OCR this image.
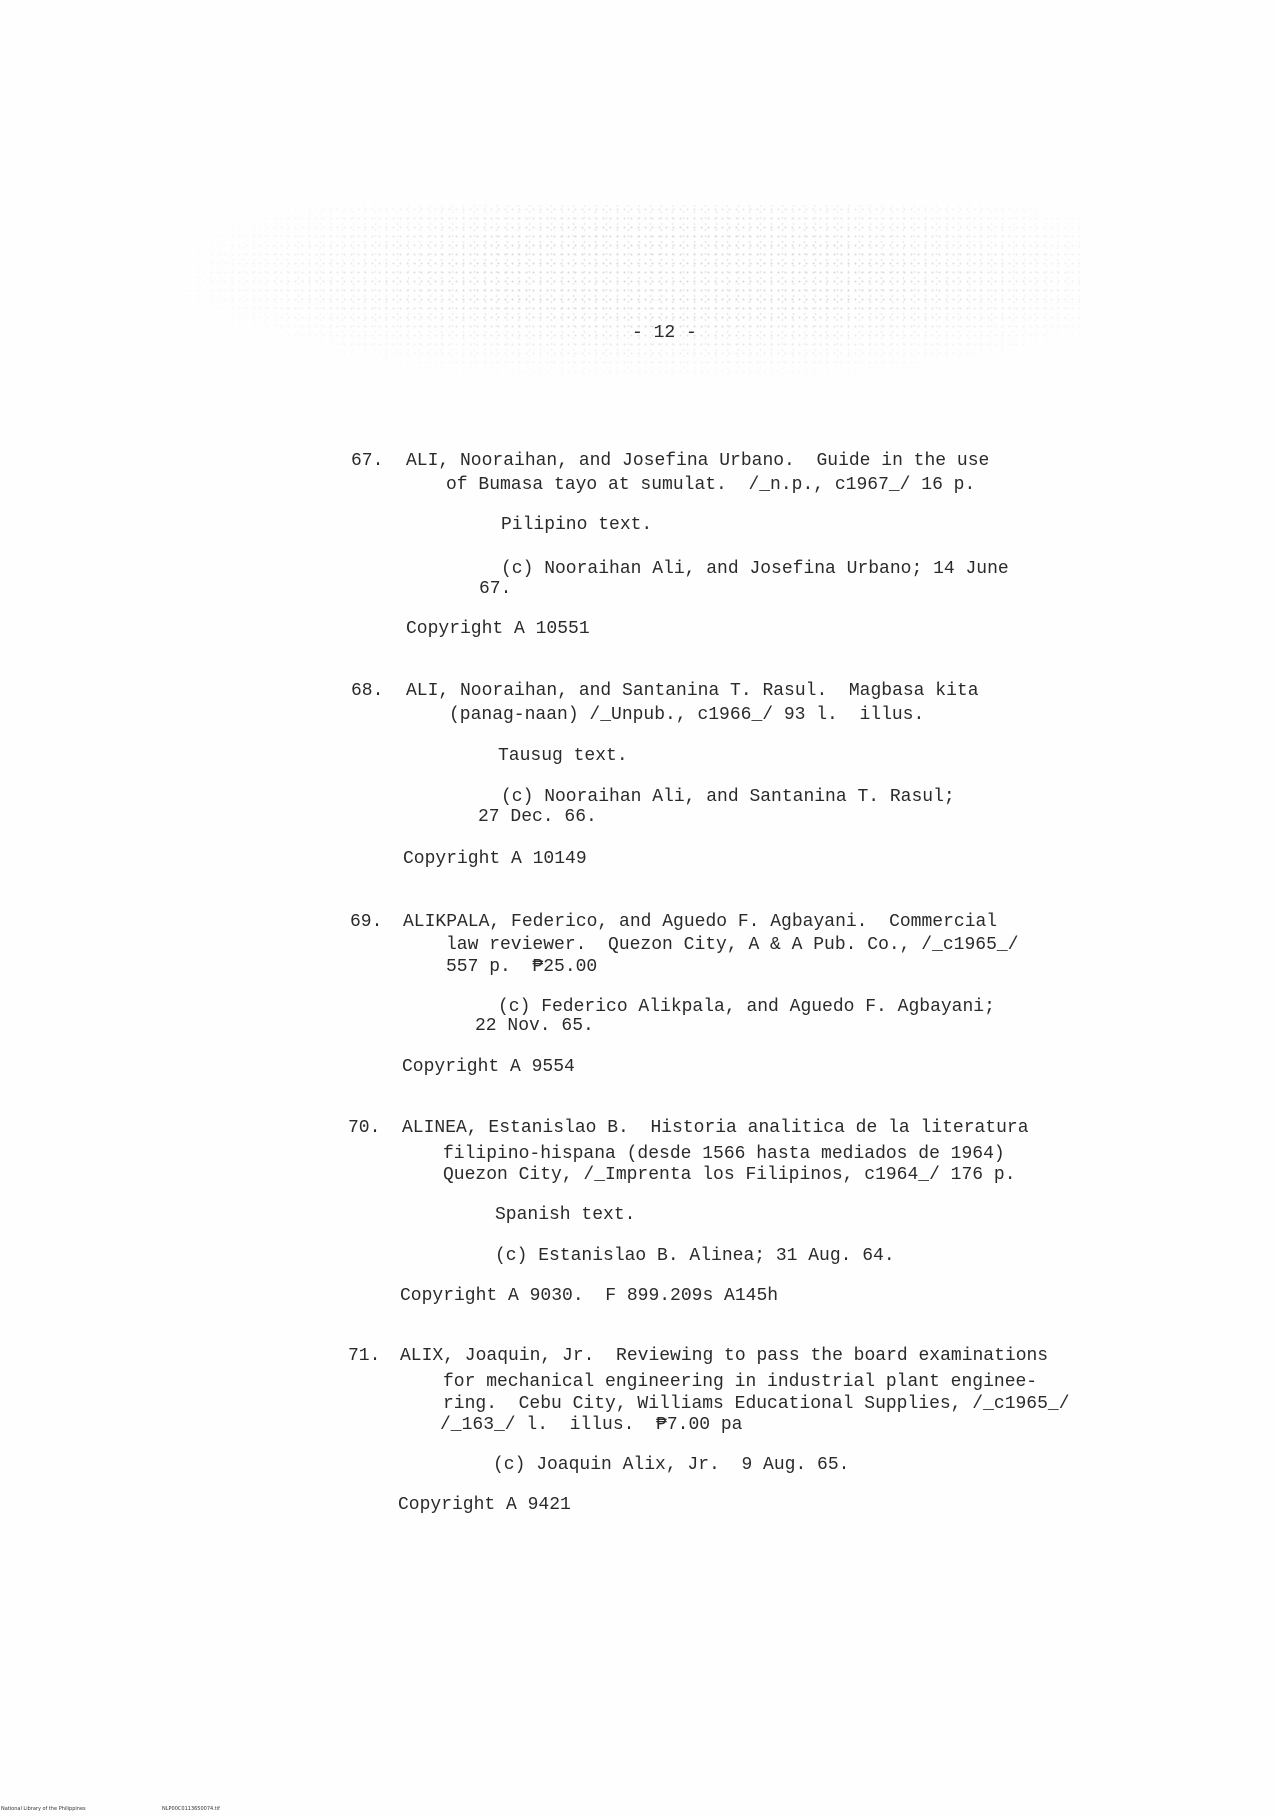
- 12 -
67. ALI, Nooraihan, and Josefina Urbano.  Guide in the use
of Bumasa tayo at sumulat.  /_n.p., c1967_/ 16 p.
Pilipino text.
(c) Nooraihan Ali, and Josefina Urbano; 14 June
67.
Copyright A 10551
68. ALI, Nooraihan, and Santanina T. Rasul.  Magbasa kita
(panag-naan) /_Unpub., c1966_/ 93 l.  illus.
Tausug text.
(c) Nooraihan Ali, and Santanina T. Rasul;
27 Dec. 66.
Copyright A 10149
69. ALIKPALA, Federico, and Aguedo F. Agbayani.  Commercial
law reviewer.  Quezon City, A & A Pub. Co., /_c1965_/
557 p.  ₱25.00
(c) Federico Alikpala, and Aguedo F. Agbayani;
22 Nov. 65.
Copyright A 9554
70. ALINEA, Estanislao B.  Historia analitica de la literatura
filipino-hispana (desde 1566 hasta mediados de 1964)
Quezon City, /_Imprenta los Filipinos, c1964_/ 176 p.
Spanish text.
(c) Estanislao B. Alinea; 31 Aug. 64.
Copyright A 9030.  F 899.209s A145h
71. ALIX, Joaquin, Jr.  Reviewing to pass the board examinations
for mechanical engineering in industrial plant enginee-
ring.  Cebu City, Williams Educational Supplies, /_c1965_/
/_163_/ l.  illus.  ₱7.00 pa
(c) Joaquin Alix, Jr.  9 Aug. 65.
Copyright A 9421
National Library of the Philippines	NLP00C0113650074.tif
